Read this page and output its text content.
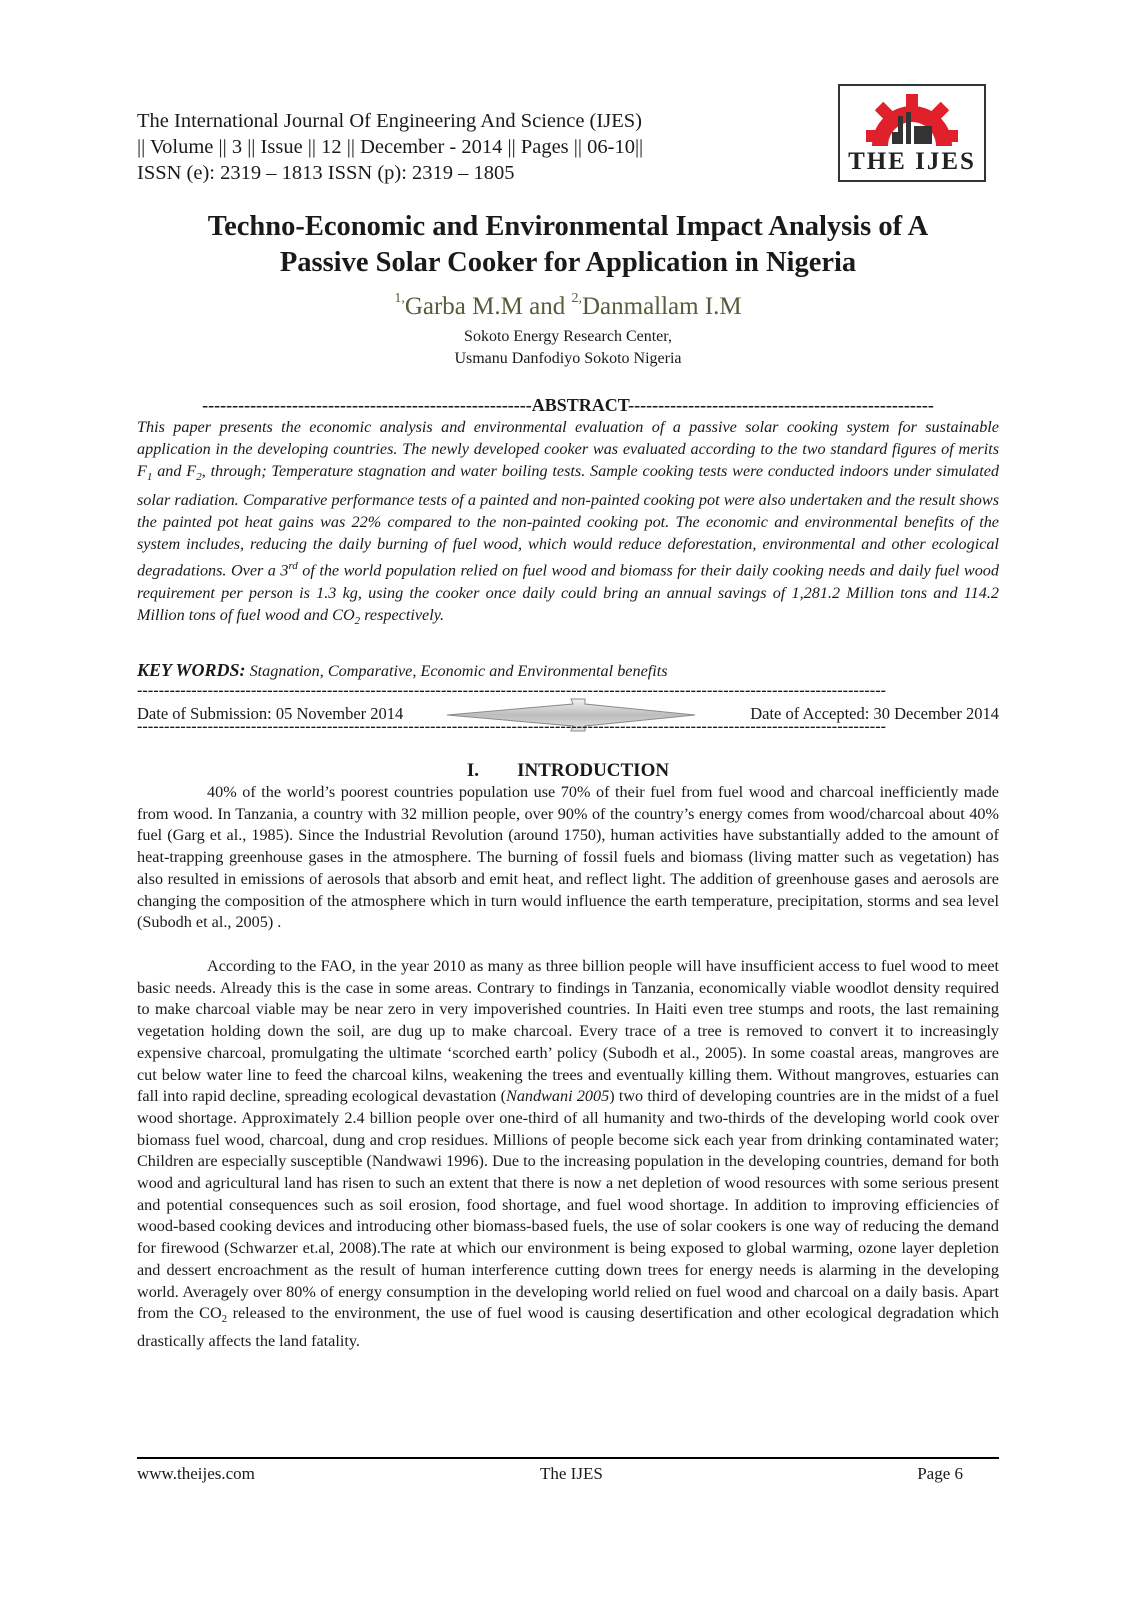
The International Journal Of Engineering And Science (IJES)
|| Volume || 3 || Issue || 12 || December - 2014 || Pages || 06-10||
ISSN (e): 2319 – 1813 ISSN (p): 2319 – 1805	THE IJES
Techno-Economic and Environmental Impact Analysis of A
Passive Solar Cooker for Application in Nigeria
$^{1,}$Garba M.M and $^{2,}$Danmallam I.M
Sokoto Energy Research Center,
Usmanu Danfodiyo Sokoto Nigeria
-------------------------------------------------------ABSTRACT---------------------------------------------------
This paper presents the economic analysis and environmental evaluation of a passive solar cooking system for sustainable application in the developing countries. The newly developed cooker was evaluated according to the two standard figures of merits $F_1$ and $F_2$, through; Temperature stagnation and water boiling tests. Sample cooking tests were conducted indoors under simulated solar radiation. Comparative performance tests of a painted and non-painted cooking pot were also undertaken and the result shows the painted pot heat gains was 22% compared to the non-painted cooking pot. The economic and environmental benefits of the system includes, reducing the daily burning of fuel wood, which would reduce deforestation, environmental and other ecological degradations. Over a 3rd of the world population relied on fuel wood and biomass for their daily cooking needs and daily fuel wood requirement per person is 1.3 kg, using the cooker once daily could bring an annual savings of 1,281.2 Million tons and 114.2 Million tons of fuel wood and $CO_2$ respectively.
KEY WORDS: Stagnation, Comparative, Economic and Environmental benefits
------------------------------------------------------------------------------------------------------------------------------------------
Date of Submission: 05 November 2014	Date of Accepted: 30 December 2014
------------------------------------------------------------------------------------------------------------------------------------------
I. INTRODUCTION

40% of the world’s poorest countries population use 70% of their fuel from fuel wood and charcoal inefficiently made from wood. In Tanzania, a country with 32 million people, over 90% of the country’s energy comes from wood/charcoal about 40% fuel (Garg et al., 1985). Since the Industrial Revolution (around 1750), human activities have substantially added to the amount of heat-trapping greenhouse gases in the atmosphere. The burning of fossil fuels and biomass (living matter such as vegetation) has also resulted in emissions of aerosols that absorb and emit heat, and reflect light. The addition of greenhouse gases and aerosols are changing the composition of the atmosphere which in turn would influence the earth temperature, precipitation, storms and sea level (Subodh et al., 2005) .

According to the FAO, in the year 2010 as many as three billion people will have insufficient access to fuel wood to meet basic needs. Already this is the case in some areas. Contrary to findings in Tanzania, economically viable woodlot density required to make charcoal viable may be near zero in very impoverished countries. In Haiti even tree stumps and roots, the last remaining vegetation holding down the soil, are dug up to make charcoal. Every trace of a tree is removed to convert it to increasingly expensive charcoal, promulgating the ultimate ‘scorched earth’ policy (Subodh et al., 2005). In some coastal areas, mangroves are cut below water line to feed the charcoal kilns, weakening the trees and eventually killing them. Without mangroves, estuaries can fall into rapid decline, spreading ecological devastation (Nandwani 2005) two third of developing countries are in the midst of a fuel wood shortage. Approximately 2.4 billion people over one-third of all humanity and two-thirds of the developing world cook over biomass fuel wood, charcoal, dung and crop residues. Millions of people become sick each year from drinking contaminated water; Children are especially susceptible (Nandwawi 1996). Due to the increasing population in the developing countries, demand for both wood and agricultural land has risen to such an extent that there is now a net depletion of wood resources with some serious present and potential consequences such as soil erosion, food shortage, and fuel wood shortage. In addition to improving efficiencies of wood-based cooking devices and introducing other biomass-based fuels, the use of solar cookers is one way of reducing the demand for firewood (Schwarzer et.al, 2008).The rate at which our environment is being exposed to global warming, ozone layer depletion and dessert encroachment as the result of human interference cutting down trees for energy needs is alarming in the developing world. Averagely over 80% of energy consumption in the developing world relied on fuel wood and charcoal on a daily basis. Apart from the $CO_2$ released to the environment, the use of fuel wood is causing desertification and other ecological degradation which drastically affects the land fatality.

www.theijes.com	The IJES	Page 6
